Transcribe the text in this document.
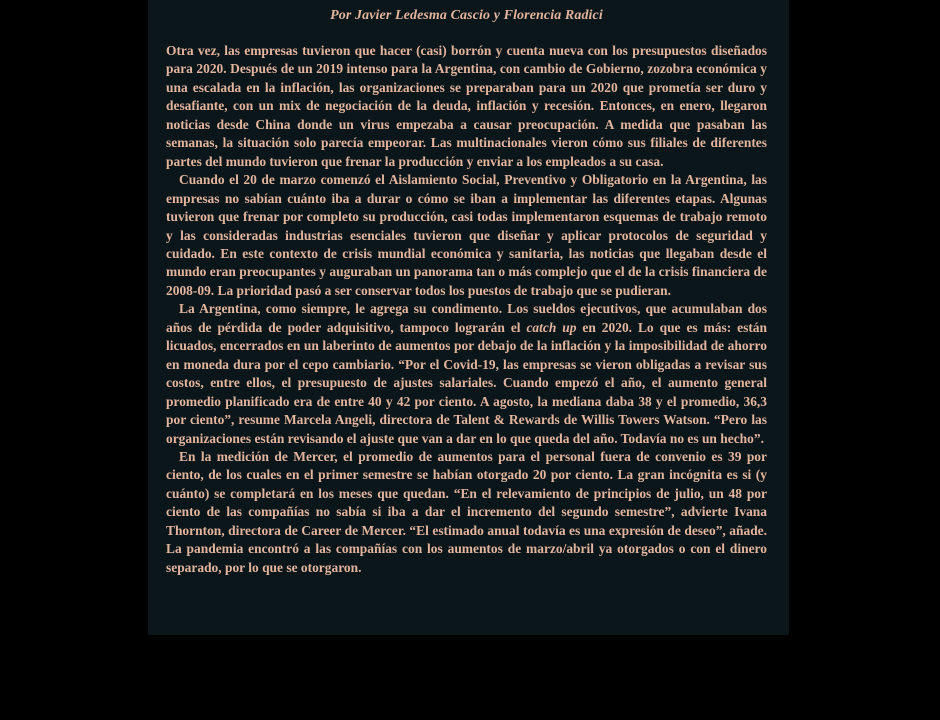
Por Javier Ledesma Cascio y Florencia Radici

Otra vez, las empresas tuvieron que hacer (casi) borrón y cuenta nueva con los presupuestos diseñados para 2020. Después de un 2019 intenso para la Argentina, con cambio de Gobierno, zozobra económica y una escalada en la inflación, las organizaciones se preparaban para un 2020 que prometía ser duro y desafiante, con un mix de negociación de la deuda, inflación y recesión. Entonces, en enero, llegaron noticias desde China donde un virus empezaba a causar preocupación. A medida que pasaban las semanas, la situación solo parecía empeorar. Las multinacionales vieron cómo sus filiales de diferentes partes del mundo tuvieron que frenar la producción y enviar a los empleados a su casa.

Cuando el 20 de marzo comenzó el Aislamiento Social, Preventivo y Obligatorio en la Argentina, las empresas no sabían cuánto iba a durar o cómo se iban a implementar las diferentes etapas. Algunas tuvieron que frenar por completo su producción, casi todas implementaron esquemas de trabajo remoto y las consideradas industrias esenciales tuvieron que diseñar y aplicar protocolos de seguridad y cuidado. En este contexto de crisis mundial económica y sanitaria, las noticias que llegaban desde el mundo eran preocupantes y auguraban un panorama tan o más complejo que el de la crisis financiera de 2008-09. La prioridad pasó a ser conservar todos los puestos de trabajo que se pudieran.

La Argentina, como siempre, le agrega su condimento. Los sueldos ejecutivos, que acumulaban dos años de pérdida de poder adquisitivo, tampoco lograrán el catch up en 2020. Lo que es más: están licuados, encerrados en un laberinto de aumentos por debajo de la inflación y la imposibilidad de ahorro en moneda dura por el cepo cambiario. “Por el Covid-19, las empresas se vieron obligadas a revisar sus costos, entre ellos, el presupuesto de ajustes salariales. Cuando empezó el año, el aumento general promedio planificado era de entre 40 y 42 por ciento. A agosto, la mediana daba 38 y el promedio, 36,3 por ciento”, resume Marcela Angeli, directora de Talent & Rewards de Willis Towers Watson. “Pero las organizaciones están revisando el ajuste que van a dar en lo que queda del año. Todavía no es un hecho”.

En la medición de Mercer, el promedio de aumentos para el personal fuera de convenio es 39 por ciento, de los cuales en el primer semestre se habían otorgado 20 por ciento. La gran incógnita es si (y cuánto) se completará en los meses que quedan. “En el relevamiento de principios de julio, un 48 por ciento de las compañías no sabía si iba a dar el incremento del segundo semestre”, advierte Ivana Thornton, directora de Career de Mercer. “El estimado anual todavía es una expresión de deseo”, añade. La pandemia encontró a las compañías con los aumentos de marzo/abril ya otorgados o con el dinero separado, por lo que se otorgaron.
